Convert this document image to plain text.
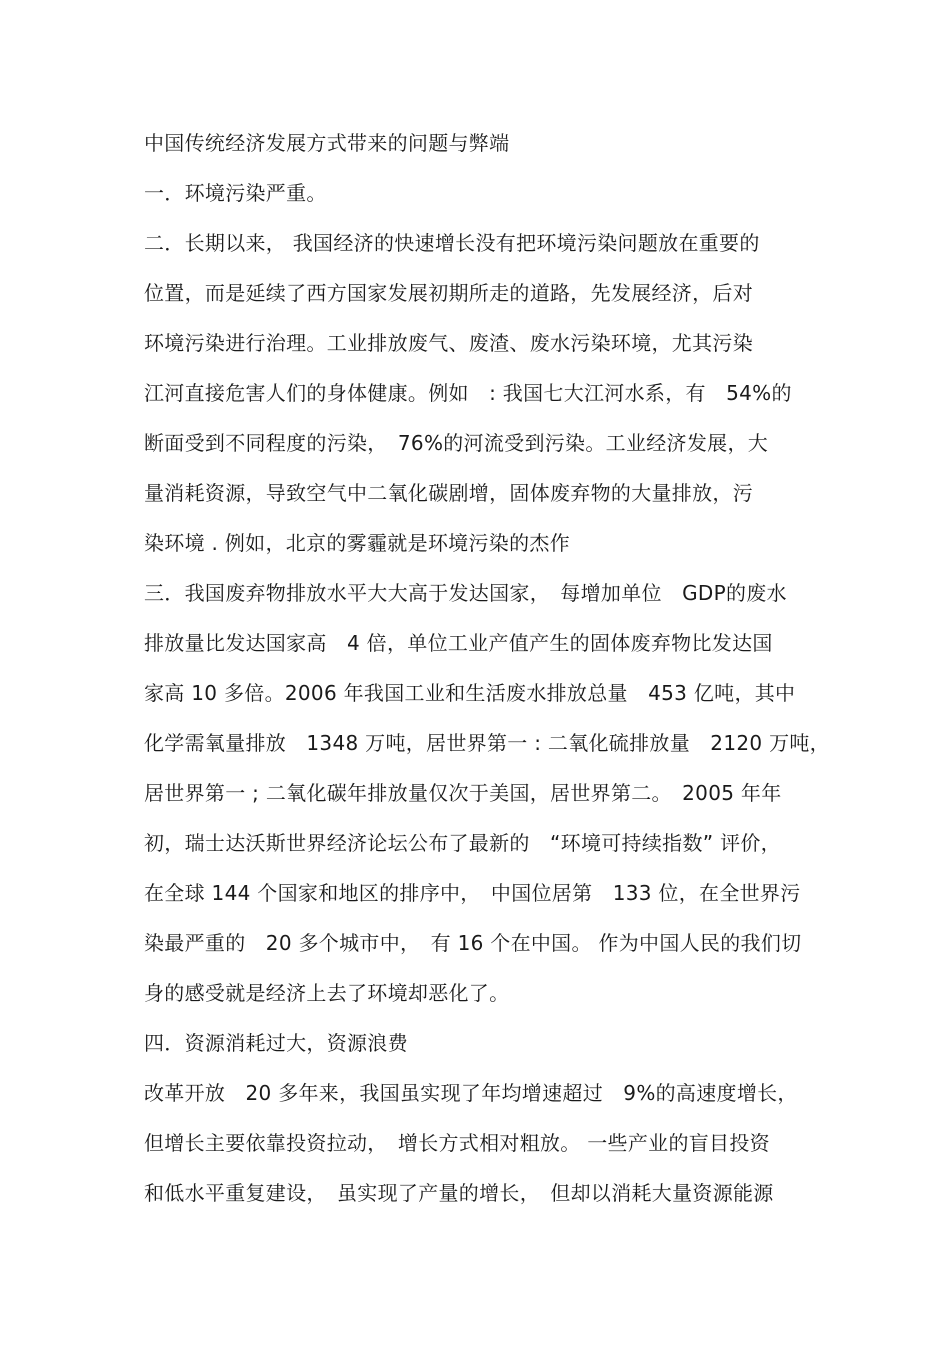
中国传统经济发展方式带来的问题与弊端
一．环境污染严重。
二．长期以来， 我国经济的快速增长没有把环境污染问题放在重要的
位置，而是延续了西方国家发展初期所走的道路，先发展经济，后对
环境污染进行治理。工业排放废气、废渣、废水污染环境，尤其污染
江河直接危害人们的身体健康。例如　: 我国七大江河水系，有　54%的
断面受到不同程度的污染，　76%的河流受到污染。工业经济发展，大
量消耗资源，导致空气中二氧化碳剧增，固体废弃物的大量排放，污
染环境 . 例如，北京的雾霾就是环境污染的杰作
三．我国废弃物排放水平大大高于发达国家，　每增加单位　GDP的废水
排放量比发达国家高　4 倍，单位工业产值产生的固体废弃物比发达国
家高 10 多倍。2006 年我国工业和生活废水排放总量　453 亿吨，其中
化学需氧量排放　1348 万吨，居世界第一 : 二氧化硫排放量　2120 万吨，
居世界第一 ; 二氧化碳年排放量仅次于美国，居世界第二。　2005 年年
初，瑞士达沃斯世界经济论坛公布了最新的　“环境可持续指数” 评价，
在全球 144 个国家和地区的排序中，　中国位居第　133 位，在全世界污
染最严重的　20 多个城市中，　有 16 个在中国。 作为中国人民的我们切
身的感受就是经济上去了环境却恶化了。
四．资源消耗过大，资源浪费
改革开放　20 多年来，我国虽实现了年均增速超过　9%的高速度增长，
但增长主要依靠投资拉动，　增长方式相对粗放。 一些产业的盲目投资
和低水平重复建设，　虽实现了产量的增长，　但却以消耗大量资源能源
